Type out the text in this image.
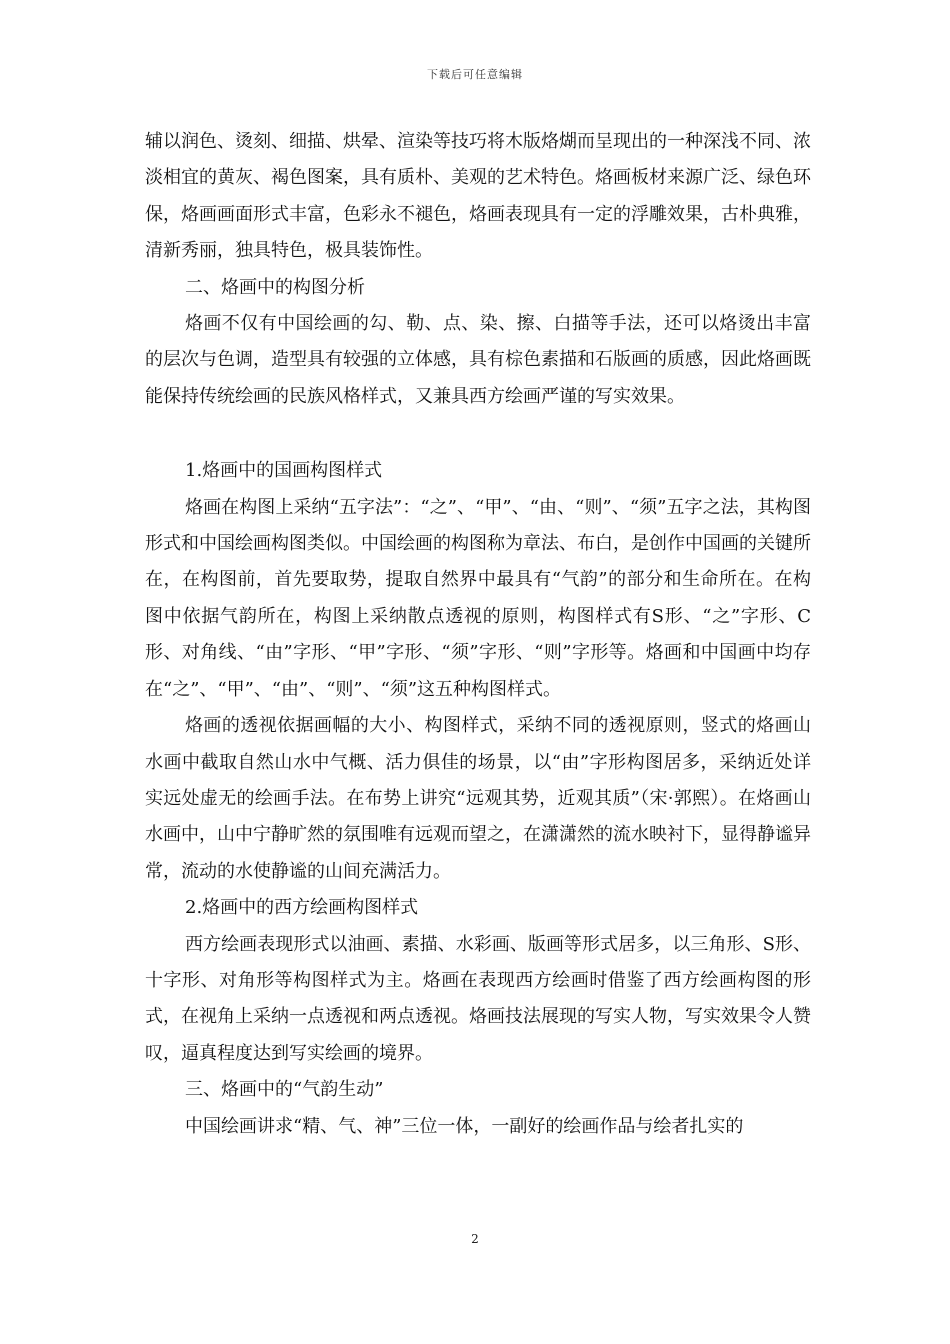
下载后可任意编辑

辅以润色、烫刻、细描、烘晕、渲染等技巧将木版烙煳而呈现出的一种深浅不同、浓淡相宜的黄灰、褐色图案，具有质朴、美观的艺术特色。烙画板材来源广泛、绿色环保，烙画画面形式丰富，色彩永不褪色，烙画表现具有一定的浮雕效果，古朴典雅，清新秀丽，独具特色，极具装饰性。

二、烙画中的构图分析

烙画不仅有中国绘画的勾、勒、点、染、擦、白描等手法，还可以烙烫出丰富的层次与色调，造型具有较强的立体感，具有棕色素描和石版画的质感，因此烙画既能保持传统绘画的民族风格样式，又兼具西方绘画严谨的写实效果。

1.烙画中的国画构图样式

烙画在构图上采纳“五字法”：“之”、“甲”、“由、“则”、“须”五字之法，其构图形式和中国绘画构图类似。中国绘画的构图称为章法、布白，是创作中国画的关键所在，在构图前，首先要取势，提取自然界中最具有“气韵”的部分和生命所在。在构图中依据气韵所在，构图上采纳散点透视的原则，构图样式有S形、“之”字形、C形、对角线、“由”字形、“甲”字形、“须”字形、“则”字形等。烙画和中国画中均存在“之”、“甲”、“由”、“则”、“须”这五种构图样式。

烙画的透视依据画幅的大小、构图样式，采纳不同的透视原则，竖式的烙画山水画中截取自然山水中气概、活力俱佳的场景，以“由”字形构图居多，采纳近处详实远处虚无的绘画手法。在布势上讲究“远观其势，近观其质”（宋·郭熙）。在烙画山水画中，山中宁静旷然的氛围唯有远观而望之，在潇潇然的流水映衬下，显得静谧异常，流动的水使静谧的山间充满活力。

2.烙画中的西方绘画构图样式

西方绘画表现形式以油画、素描、水彩画、版画等形式居多，以三角形、S形、十字形、对角形等构图样式为主。烙画在表现西方绘画时借鉴了西方绘画构图的形式，在视角上采纳一点透视和两点透视。烙画技法展现的写实人物，写实效果令人赞叹，逼真程度达到写实绘画的境界。

三、烙画中的“气韵生动”

中国绘画讲求“精、气、神”三位一体，一副好的绘画作品与绘者扎实的

2
